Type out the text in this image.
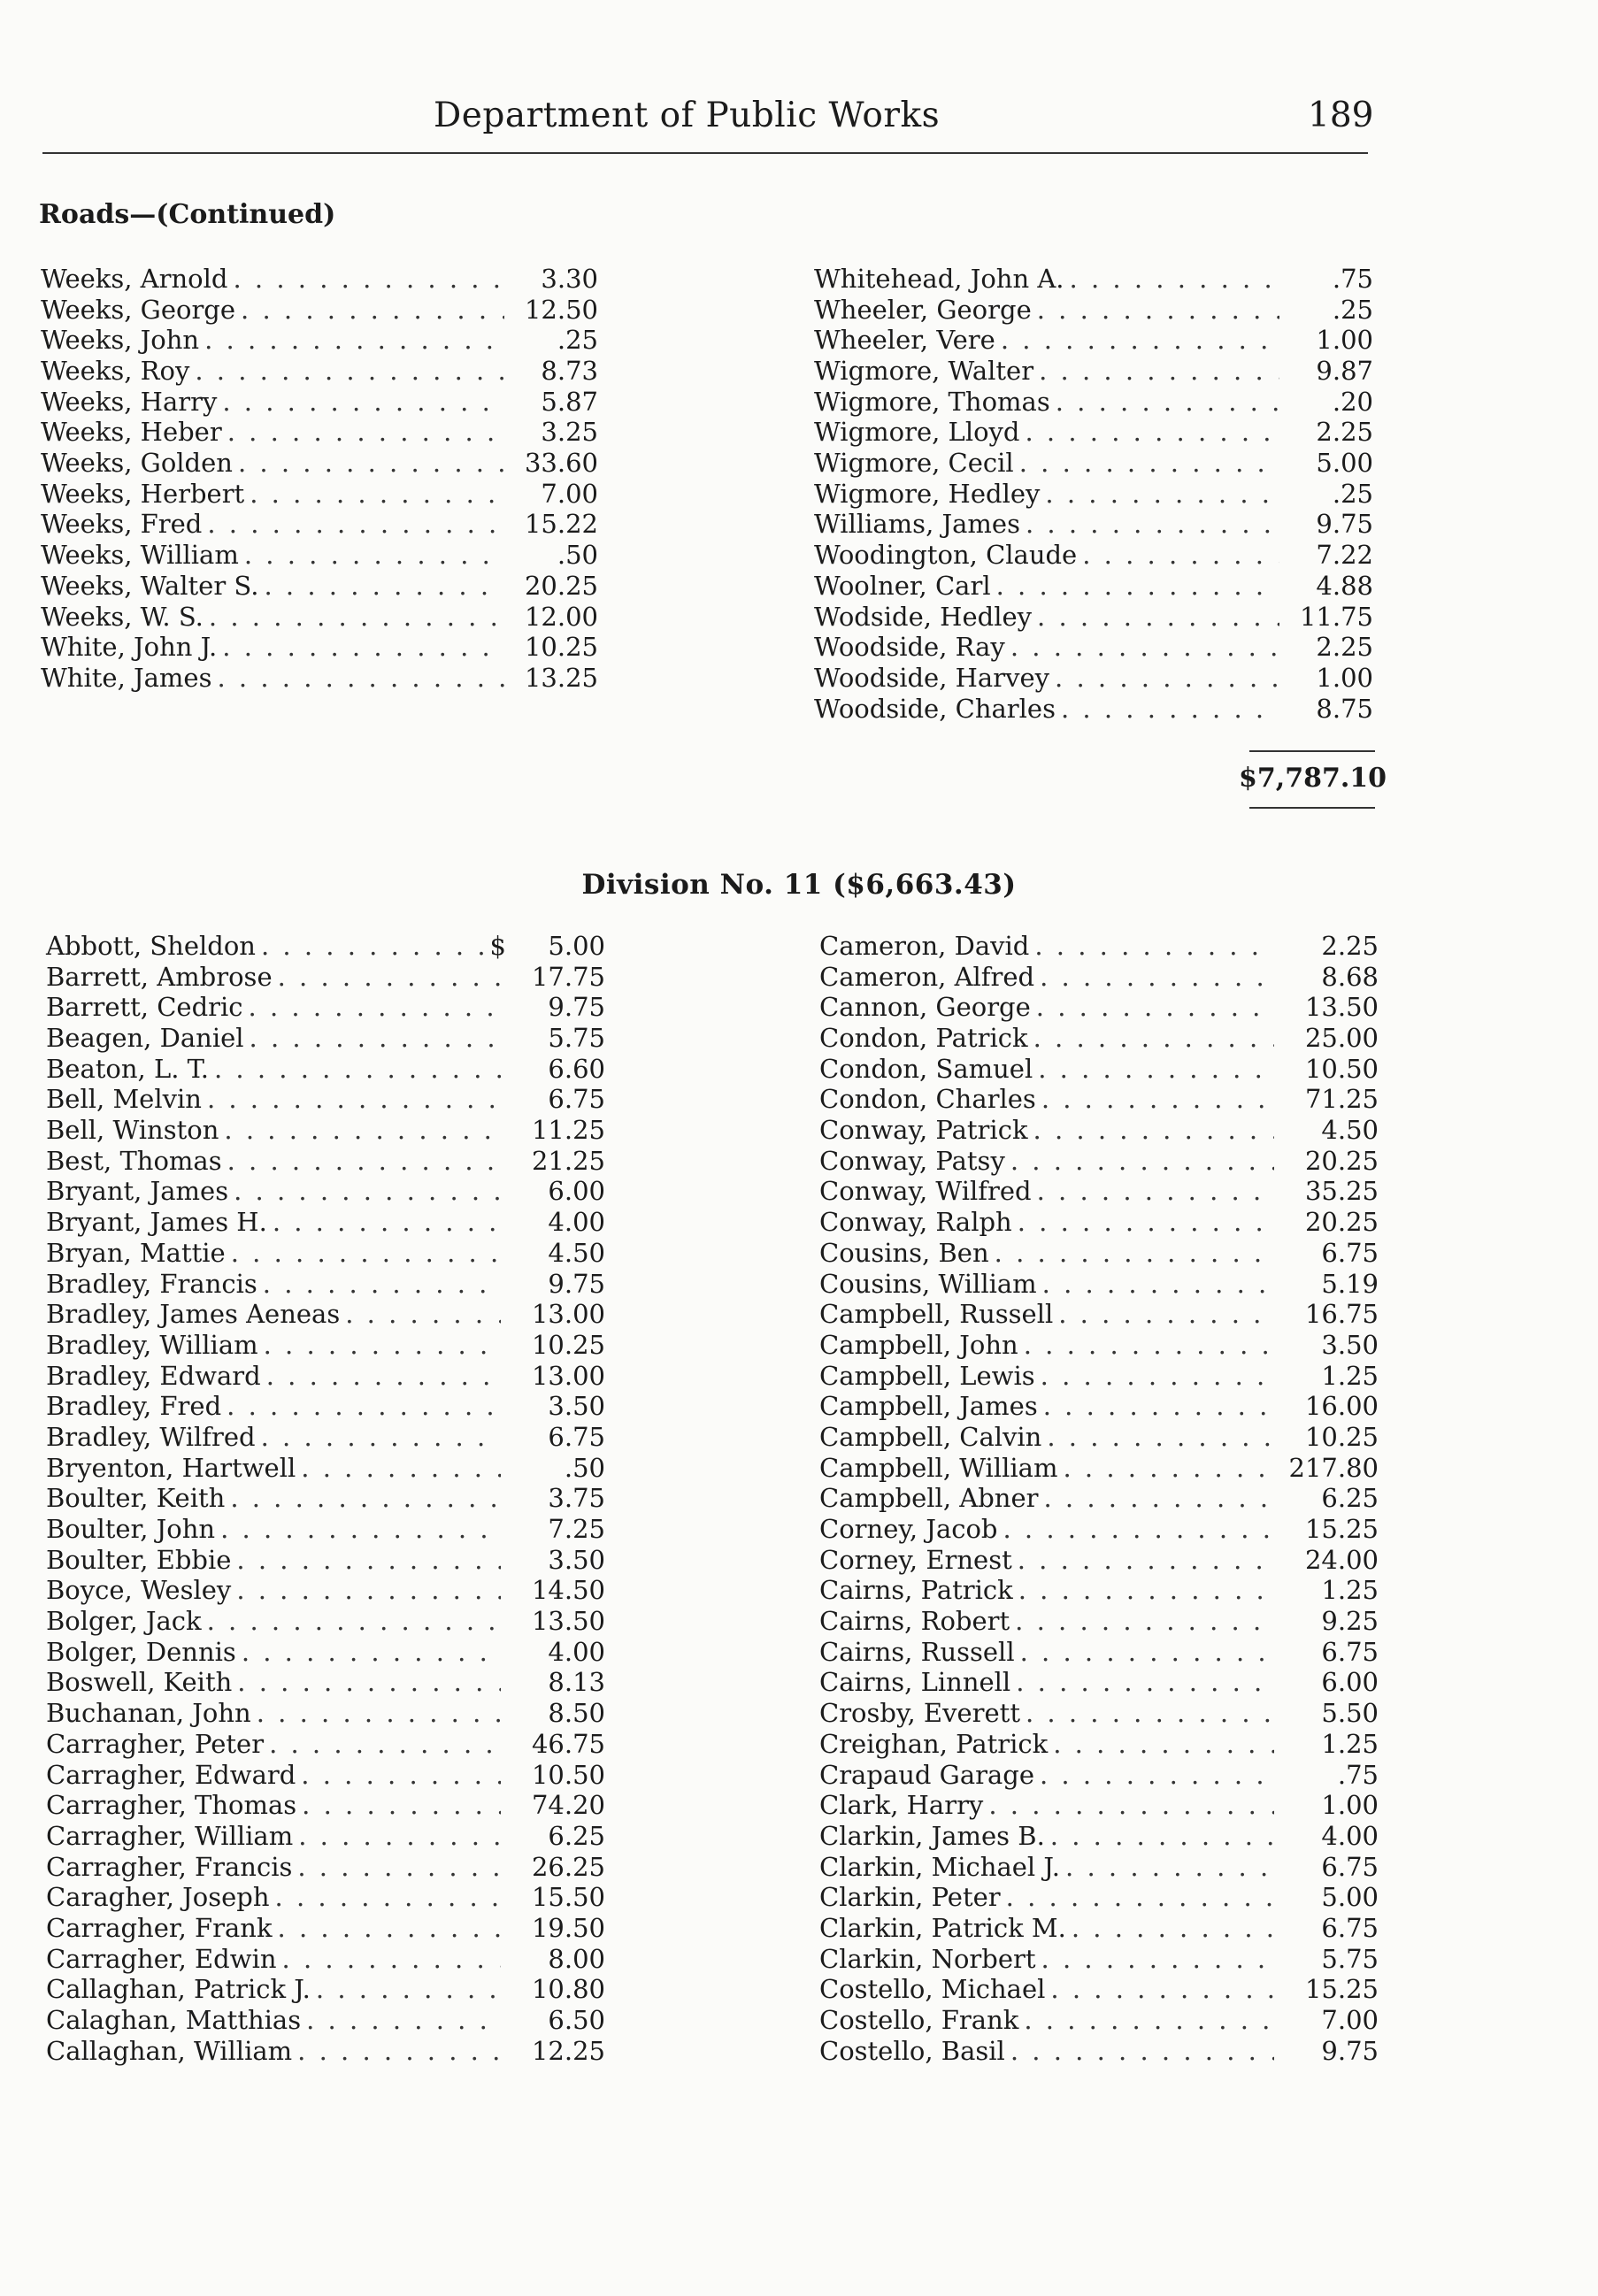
Department of Public Works	189
Roads—(Continued)
Weeks, Arnold . . .	3.30
Weeks, George . . .	12.50
Weeks, John . . .	.25
Weeks, Roy . . .	8.73
Weeks, Harry . . .	5.87
Weeks, Heber . . .	3.25
Weeks, Golden . . .	33.60
Weeks, Herbert . . .	7.00
Weeks, Fred . . .	15.22
Weeks, William . . .	.50
Weeks, Walter S. . . .	20.25
Weeks, W. S. . . .	12.00
White, John J. . . .	10.25
White, James . . .	13.25
Whitehead, John A. . . .	.75
Wheeler, George . . .	.25
Wheeler, Vere . . .	1.00
Wigmore, Walter . . .	9.87
Wigmore, Thomas . . .	.20
Wigmore, Lloyd . . .	2.25
Wigmore, Cecil . . .	5.00
Wigmore, Hedley . . .	.25
Williams, James . . .	9.75
Woodington, Claude . . .	7.22
Woolner, Carl . . .	4.88
Wodside, Hedley . . .	11.75
Woodside, Ray . . .	2.25
Woodside, Harvey . . .	1.00
Woodside, Charles . . .	8.75
$7,787.10
Division No. 11 ($6,663.43)
Abbott, Sheldon . . .	$	5.00
Barrett, Ambrose . . .	17.75
Barrett, Cedric . . .	9.75
Beagen, Daniel . . .	5.75
Beaton, L. T. . . .	6.60
Bell, Melvin . . .	6.75
Bell, Winston . . .	11.25
Best, Thomas . . .	21.25
Bryant, James . . .	6.00
Bryant, James H. . . .	4.00
Bryan, Mattie . . .	4.50
Bradley, Francis . . .	9.75
Bradley, James Aeneas . . .	13.00
Bradley, William . . .	10.25
Bradley, Edward . . .	13.00
Bradley, Fred . . .	3.50
Bradley, Wilfred . . .	6.75
Bryenton, Hartwell . . .	.50
Boulter, Keith . . .	3.75
Boulter, John . . .	7.25
Boulter, Ebbie . . .	3.50
Boyce, Wesley . . .	14.50
Bolger, Jack . . .	13.50
Bolger, Dennis . . .	4.00
Boswell, Keith . . .	8.13
Buchanan, John . . .	8.50
Carragher, Peter . . .	46.75
Carragher, Edward . . .	10.50
Carragher, Thomas . . .	74.20
Carragher, William . . .	6.25
Carragher, Francis . . .	26.25
Caragher, Joseph . . .	15.50
Carragher, Frank . . .	19.50
Carragher, Edwin . . .	8.00
Callaghan, Patrick J. . . .	10.80
Calaghan, Matthias . . .	6.50
Callaghan, William . . .	12.25
Cameron, David . . .	2.25
Cameron, Alfred . . .	8.68
Cannon, George . . .	13.50
Condon, Patrick . . .	25.00
Condon, Samuel . . .	10.50
Condon, Charles . . .	71.25
Conway, Patrick . . .	4.50
Conway, Patsy . . .	20.25
Conway, Wilfred . . .	35.25
Conway, Ralph . . .	20.25
Cousins, Ben . . .	6.75
Cousins, William . . .	5.19
Campbell, Russell . . .	16.75
Campbell, John . . .	3.50
Campbell, Lewis . . .	1.25
Campbell, James . . .	16.00
Campbell, Calvin . . .	10.25
Campbell, William . . .	217.80
Campbell, Abner . . .	6.25
Corney, Jacob . . .	15.25
Corney, Ernest . . .	24.00
Cairns, Patrick . . .	1.25
Cairns, Robert . . .	9.25
Cairns, Russell . . .	6.75
Cairns, Linnell . . .	6.00
Crosby, Everett . . .	5.50
Creighan, Patrick . . .	1.25
Crapaud Garage . . .	.75
Clark, Harry . . .	1.00
Clarkin, James B. . . .	4.00
Clarkin, Michael J. . . .	6.75
Clarkin, Peter . . .	5.00
Clarkin, Patrick M. . . .	6.75
Clarkin, Norbert . . .	5.75
Costello, Michael . . .	15.25
Costello, Frank . . .	7.00
Costello, Basil . . .	9.75
